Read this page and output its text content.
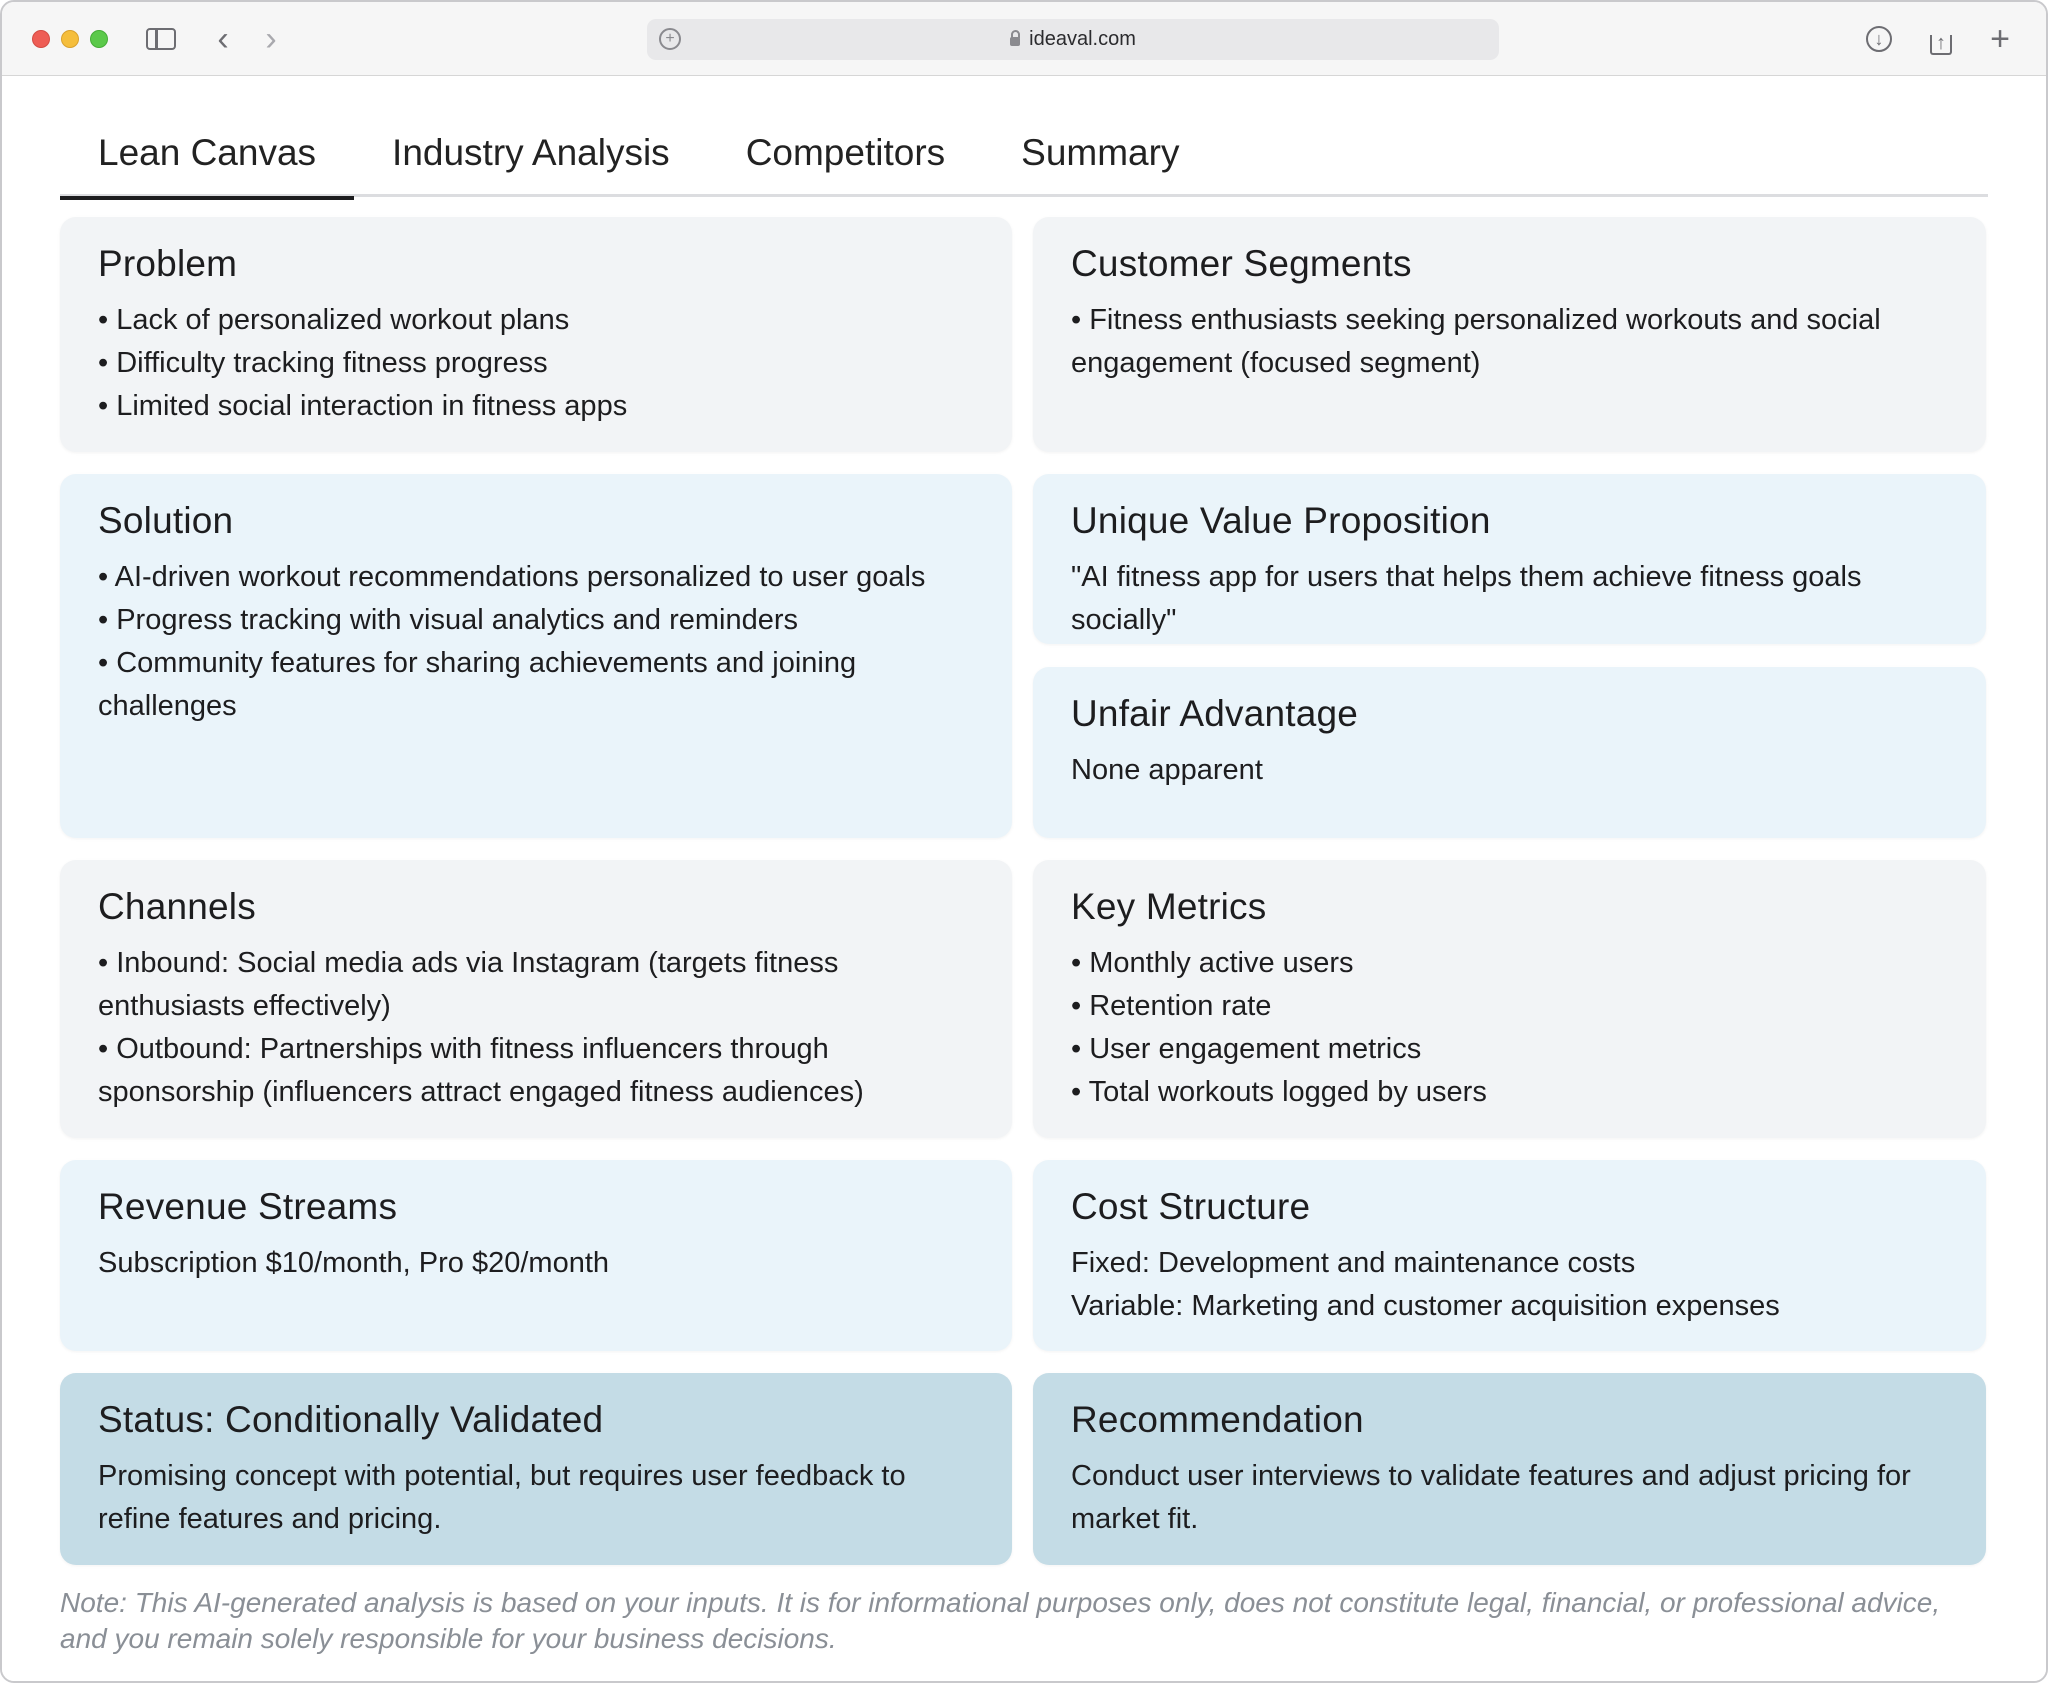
‹	›	+	ideaval.com	↓	↑ +
Lean Canvas	Industry Analysis	Competitors	Summary
Problem
• Lack of personalized workout plans
• Difficulty tracking fitness progress
• Limited social interaction in fitness apps
Customer Segments
• Fitness enthusiasts seeking personalized workouts and social engagement (focused segment)
Solution
• AI-driven workout recommendations personalized to user goals
• Progress tracking with visual analytics and reminders
• Community features for sharing achievements and joining challenges
Unique Value Proposition
"AI fitness app for users that helps them achieve fitness goals socially"
Unfair Advantage
None apparent
Channels
• Inbound: Social media ads via Instagram (targets fitness enthusiasts effectively)
• Outbound: Partnerships with fitness influencers through sponsorship (influencers attract engaged fitness audiences)
Key Metrics
• Monthly active users
• Retention rate
• User engagement metrics
• Total workouts logged by users
Revenue Streams
Subscription $10/month, Pro $20/month
Cost Structure
Fixed: Development and maintenance costs
Variable: Marketing and customer acquisition expenses
Status: Conditionally Validated
Promising concept with potential, but requires user feedback to refine features and pricing.
Recommendation
Conduct user interviews to validate features and adjust pricing for market fit.
Note: This AI-generated analysis is based on your inputs. It is for informational purposes only, does not constitute legal, financial, or professional advice, and you remain solely responsible for your business decisions.
